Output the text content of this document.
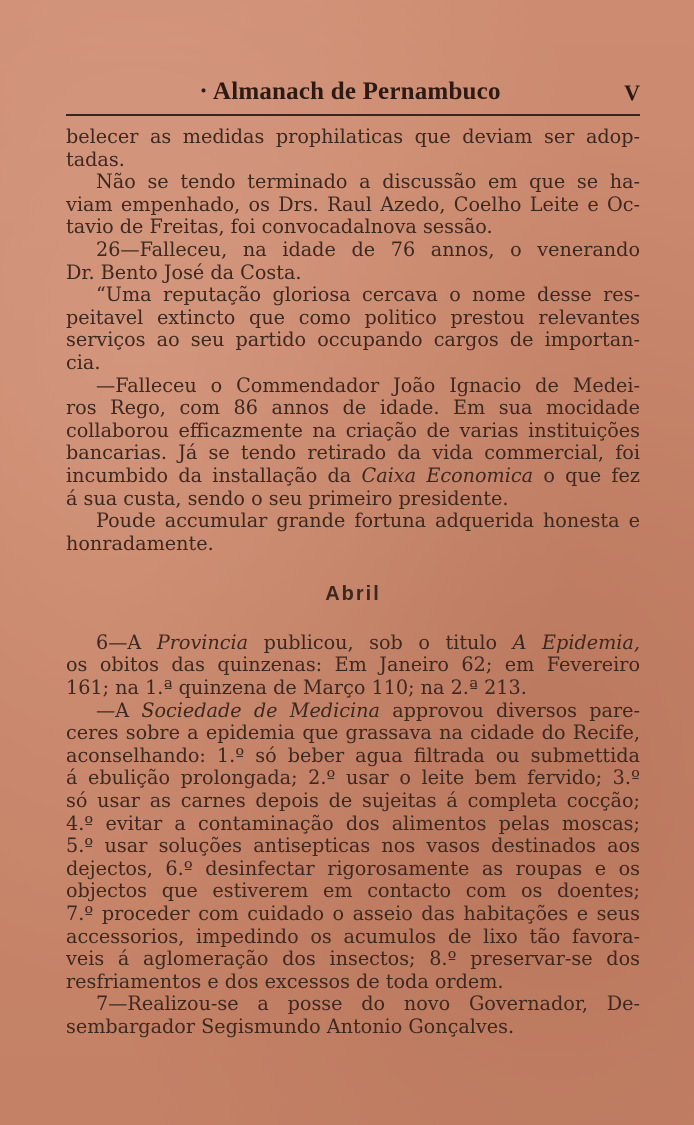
· Almanach de Pernambuco	V
belecer as medidas prophilaticas que deviam ser adop-
tadas.
Não se tendo terminado a discussão em que se ha-
viam empenhado, os Drs. Raul Azedo, Coelho Leite e Oc-
tavio de Freitas, foi convocadalnova sessão.
26—Falleceu, na idade de 76 annos, o venerando
Dr. Bento José da Costa.
“Uma reputação gloriosa cercava o nome desse res-
peitavel extincto que como politico prestou relevantes
serviços ao seu partido occupando cargos de importan-
cia.
—Falleceu o Commendador João Ignacio de Medei-
ros Rego, com 86 annos de idade. Em sua mocidade
collaborou efficazmente na criação de varias instituições
bancarias. Já se tendo retirado da vida commercial, foi
incumbido da installação da Caixa Economica o que fez
á sua custa, sendo o seu primeiro presidente.
Poude accumular grande fortuna adquerida honesta e
honradamente.
Abril
6—A Provincia publicou, sob o titulo A Epidemia,
os obitos das quinzenas: Em Janeiro 62; em Fevereiro
161; na 1.ª quinzena de Março 110; na 2.ª 213.
—A Sociedade de Medicina approvou diversos pare-
ceres sobre a epidemia que grassava na cidade do Recife,
aconselhando: 1.º só beber agua filtrada ou submettida
á ebulição prolongada; 2.º usar o leite bem fervido; 3.º
só usar as carnes depois de sujeitas á completa cocção;
4.º evitar a contaminação dos alimentos pelas moscas;
5.º usar soluções antisepticas nos vasos destinados aos
dejectos, 6.º desinfectar rigorosamente as roupas e os
objectos que estiverem em contacto com os doentes;
7.º proceder com cuidado o asseio das habitações e seus
accessorios, impedindo os acumulos de lixo tão favora-
veis á aglomeração dos insectos; 8.º preservar-se dos
resfriamentos e dos excessos de toda ordem.
7—Realizou-se a posse do novo Governador, De-
sembargador Segismundo Antonio Gonçalves.
